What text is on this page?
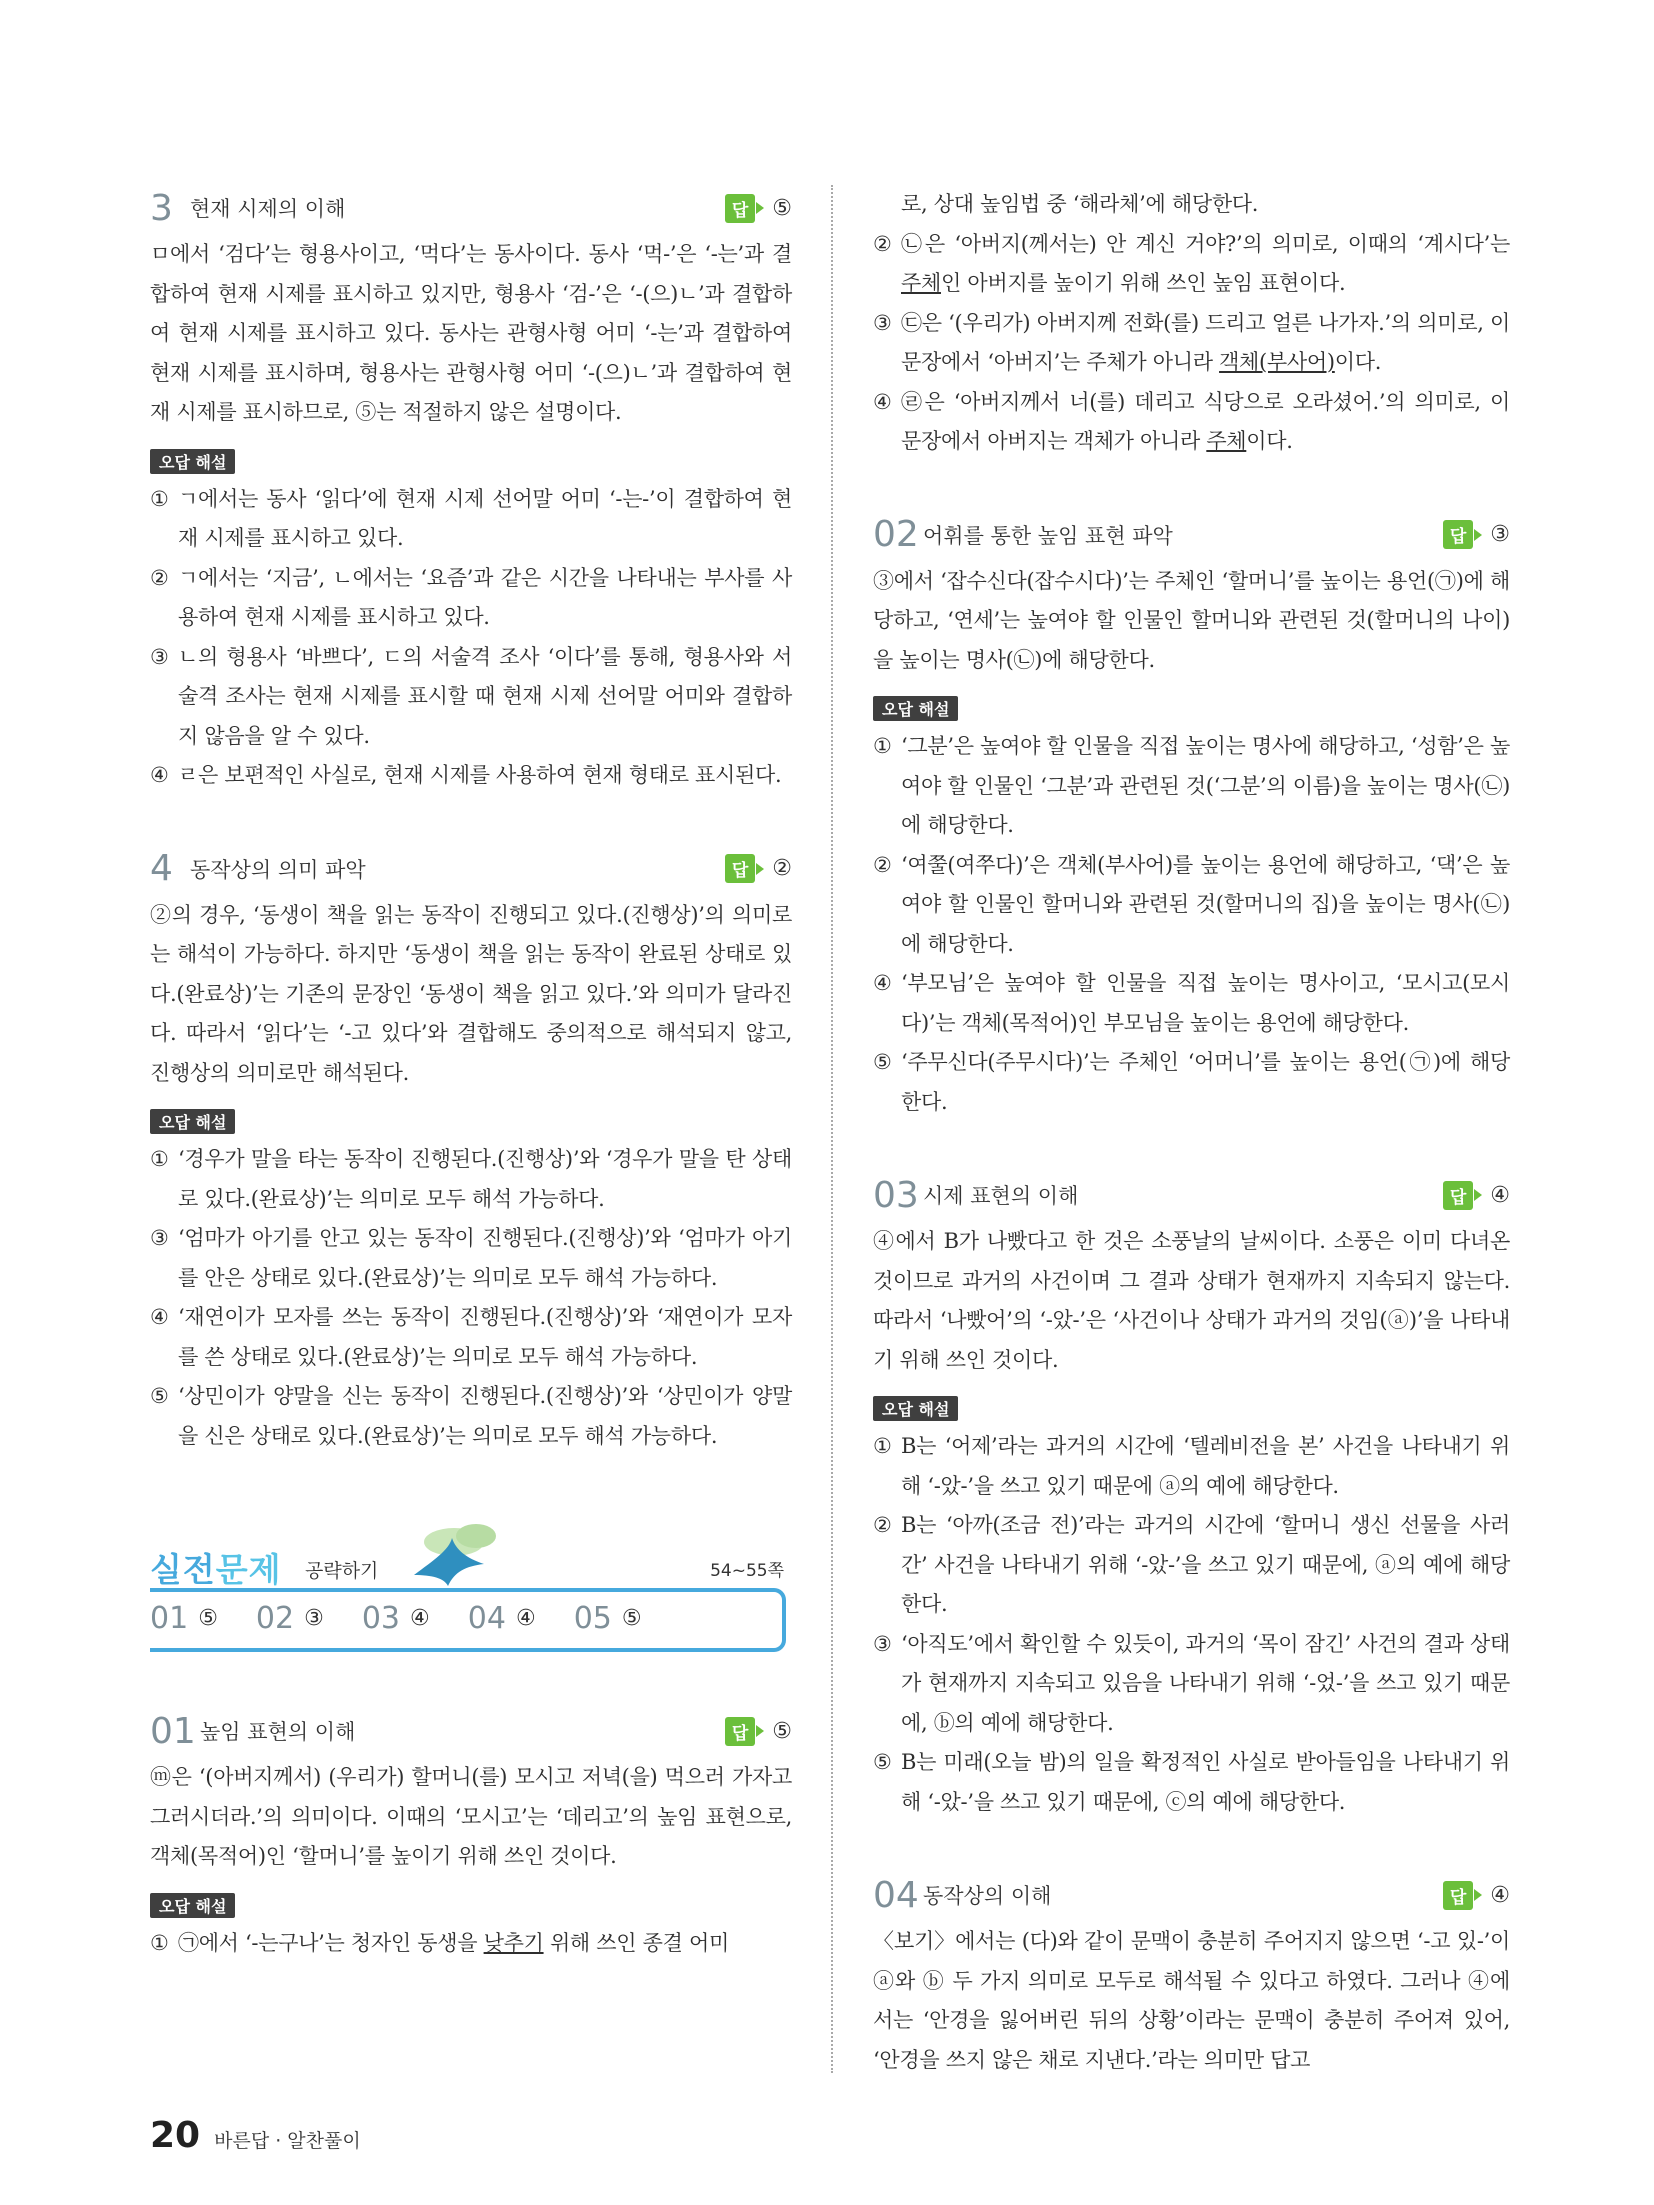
3 현재 시제의 이해	답	⑤

ㅁ에서 ‘검다’는 형용사이고, ‘먹다’는 동사이다. 동사 ‘먹-’은 ‘-는’과 결합하여 현재 시제를 표시하고 있지만, 형용사 ‘검-’은 ‘-(으)ㄴ’과 결합하여 현재 시제를 표시하고 있다. 동사는 관형사형 어미 ‘-는’과 결합하여 현재 시제를 표시하며, 형용사는 관형사형 어미 ‘-(으)ㄴ’과 결합하여 현재 시제를 표시하므로, ⑤는 적절하지 않은 설명이다.

오답 해설
① ㄱ에서는 동사 ‘읽다’에 현재 시제 선어말 어미 ‘-는-’이 결합하여 현재 시제를 표시하고 있다.
② ㄱ에서는 ‘지금’, ㄴ에서는 ‘요즘’과 같은 시간을 나타내는 부사를 사용하여 현재 시제를 표시하고 있다.
③ ㄴ의 형용사 ‘바쁘다’, ㄷ의 서술격 조사 ‘이다’를 통해, 형용사와 서술격 조사는 현재 시제를 표시할 때 현재 시제 선어말 어미와 결합하지 않음을 알 수 있다.
④ ㄹ은 보편적인 사실로, 현재 시제를 사용하여 현재 형태로 표시된다.
4 동작상의 의미 파악	답	②

②의 경우, ‘동생이 책을 읽는 동작이 진행되고 있다.(진행상)’의 의미로는 해석이 가능하다. 하지만 ‘동생이 책을 읽는 동작이 완료된 상태로 있다.(완료상)’는 기존의 문장인 ‘동생이 책을 읽고 있다.’와 의미가 달라진다. 따라서 ‘읽다’는 ‘-고 있다’와 결합해도 중의적으로 해석되지 않고, 진행상의 의미로만 해석된다.

오답 해설
① ‘경우가 말을 타는 동작이 진행된다.(진행상)’와 ‘경우가 말을 탄 상태로 있다.(완료상)’는 의미로 모두 해석 가능하다.
③ ‘엄마가 아기를 안고 있는 동작이 진행된다.(진행상)’와 ‘엄마가 아기를 안은 상태로 있다.(완료상)’는 의미로 모두 해석 가능하다.
④ ‘재연이가 모자를 쓰는 동작이 진행된다.(진행상)’와 ‘재연이가 모자를 쓴 상태로 있다.(완료상)’는 의미로 모두 해석 가능하다.
⑤ ‘상민이가 양말을 신는 동작이 진행된다.(진행상)’와 ‘상민이가 양말을 신은 상태로 있다.(완료상)’는 의미로 모두 해석 가능하다.
실전문제 공략하기	54~55쪽
01 ⑤ 02 ③ 03 ④ 04 ④ 05 ⑤
01 높임 표현의 이해	답	⑤

ⓜ은 ‘(아버지께서) (우리가) 할머니(를) 모시고 저녁(을) 먹으러 가자고 그러시더라.’의 의미이다. 이때의 ‘모시고’는 ‘데리고’의 높임 표현으로, 객체(목적어)인 ‘할머니’를 높이기 위해 쓰인 것이다.

오답 해설
① ㉠에서 ‘-는구나’는 청자인 동생을 낮추기 위해 쓰인 종결 어미
로, 상대 높임법 중 ‘해라체’에 해당한다.
② ㉡은 ‘아버지(께서는) 안 계신 거야?’의 의미로, 이때의 ‘계시다’는 주체인 아버지를 높이기 위해 쓰인 높임 표현이다.
③ ㉢은 ‘(우리가) 아버지께 전화(를) 드리고 얼른 나가자.’의 의미로, 이 문장에서 ‘아버지’는 주체가 아니라 객체(부사어)이다.
④ ㉣은 ‘아버지께서 너(를) 데리고 식당으로 오라셨어.’의 의미로, 이 문장에서 아버지는 객체가 아니라 주체이다.
02 어휘를 통한 높임 표현 파악	답	③

③에서 ‘잡수신다(잡수시다)’는 주체인 ‘할머니’를 높이는 용언(㉠)에 해당하고, ‘연세’는 높여야 할 인물인 할머니와 관련된 것(할머니의 나이)을 높이는 명사(㉡)에 해당한다.

오답 해설
① ‘그분’은 높여야 할 인물을 직접 높이는 명사에 해당하고, ‘성함’은 높여야 할 인물인 ‘그분’과 관련된 것(‘그분’의 이름)을 높이는 명사(㉡)에 해당한다.
② ‘여쭐(여쭈다)’은 객체(부사어)를 높이는 용언에 해당하고, ‘댁’은 높여야 할 인물인 할머니와 관련된 것(할머니의 집)을 높이는 명사(㉡)에 해당한다.
④ ‘부모님’은 높여야 할 인물을 직접 높이는 명사이고, ‘모시고(모시다)’는 객체(목적어)인 부모님을 높이는 용언에 해당한다.
⑤ ‘주무신다(주무시다)’는 주체인 ‘어머니’를 높이는 용언(㉠)에 해당한다.
03 시제 표현의 이해	답	④

④에서 B가 나빴다고 한 것은 소풍날의 날씨이다. 소풍은 이미 다녀온 것이므로 과거의 사건이며 그 결과 상태가 현재까지 지속되지 않는다. 따라서 ‘나빴어’의 ‘-았-’은 ‘사건이나 상태가 과거의 것임(ⓐ)’을 나타내기 위해 쓰인 것이다.

오답 해설
① B는 ‘어제’라는 과거의 시간에 ‘텔레비전을 본’ 사건을 나타내기 위해 ‘-았-’을 쓰고 있기 때문에 ⓐ의 예에 해당한다.
② B는 ‘아까(조금 전)’라는 과거의 시간에 ‘할머니 생신 선물을 사러 간’ 사건을 나타내기 위해 ‘-았-’을 쓰고 있기 때문에, ⓐ의 예에 해당한다.
③ ‘아직도’에서 확인할 수 있듯이, 과거의 ‘목이 잠긴’ 사건의 결과 상태가 현재까지 지속되고 있음을 나타내기 위해 ‘-었-’을 쓰고 있기 때문에, ⓑ의 예에 해당한다.
⑤ B는 미래(오늘 밤)의 일을 확정적인 사실로 받아들임을 나타내기 위해 ‘-았-’을 쓰고 있기 때문에, ⓒ의 예에 해당한다.
04 동작상의 이해	답	④

〈보기〉에서는 (다)와 같이 문맥이 충분히 주어지지 않으면 ‘-고 있-’이 ⓐ와 ⓑ 두 가지 의미로 모두로 해석될 수 있다고 하였다. 그러나 ④에서는 ‘안경을 잃어버린 뒤의 상황’이라는 문맥이 충분히 주어져 있어, ‘안경을 쓰지 않은 채로 지낸다.’라는 의미만 답고

20 바른답 · 알찬풀이
